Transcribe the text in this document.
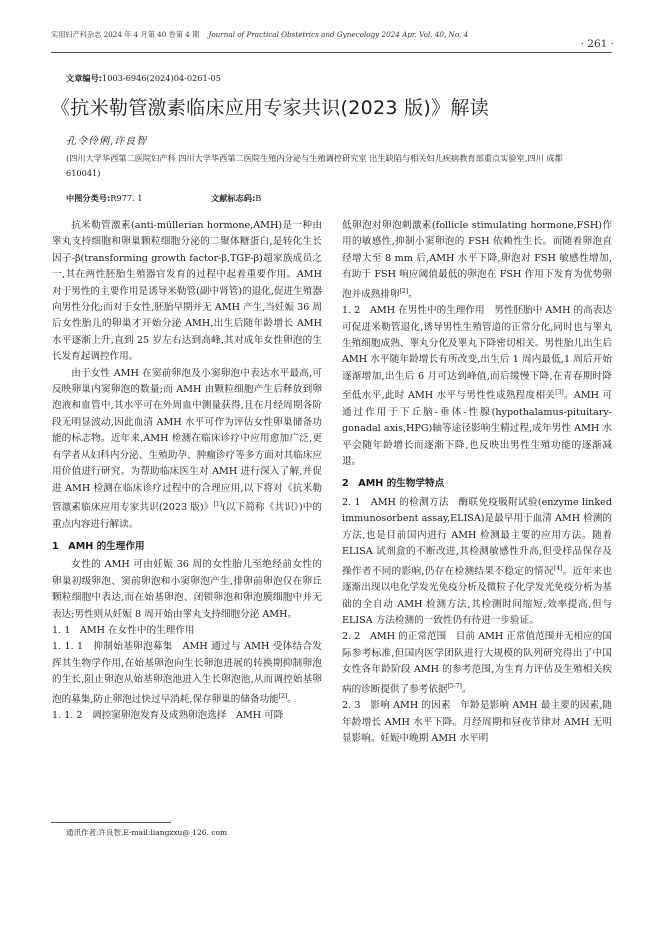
实用妇产科杂志 2024 年 4 月第 40 卷第 4 期 Journal of Practical Obstetrics and Gynecology 2024 Apr. Vol. 40, No. 4
· 261 ·
文章编号:1003-6946(2024)04-0261-05
《抗米勒管激素临床应用专家共识(2023 版)》解读
孔令伶俐,许良智
(四川大学华西第二医院妇产科 四川大学华西第二医院生殖内分泌与生殖调控研究室 出生缺陷与相关妇儿疾病教育部重点实验室,四川 成都 610041)
中图分类号:R977. 1	文献标志码:B

抗米勒管激素(anti-müllerian hormone,AMH)是一种由睾丸支持细胞和卵巢颗粒细胞分泌的二聚体糖蛋白,是转化生长因子-β(transforming growth factor-β,TGF-β)超家族成员之一,其在两性胚胎生殖器官发育的过程中起着重要作用。AMH 对于男性的主要作用是诱导米勒管(副中肾管)的退化,促进生殖器向男性分化;而对于女性,胚胎早期并无 AMH 产生,当妊娠 36 周后女性胎儿的卵巢才开始分泌 AMH,出生后随年龄增长 AMH 水平逐渐上升,直到 25 岁左右达到高峰,其对成年女性卵泡的生长发育起调控作用。

由于女性 AMH 在窦前卵泡及小窦卵泡中表达水平最高,可反映卵巢内窦卵泡的数量;而 AMH 由颗粒细胞产生后释放到卵泡液和血管中,其水平可在外周血中测量获得,且在月经周期各阶段无明显波动,因此血清 AMH 水平可作为评估女性卵巢储备功能的标志物。近年来,AMH 检测在临床诊疗中应用愈加广泛,更有学者从妇科内分泌、生殖助孕、肿瘤诊疗等多方面对其临床应用价值进行研究。为帮助临床医生对 AMH 进行深入了解,并促进 AMH 检测在临床诊疗过程中的合理应用,以下将对《抗米勒管激素临床应用专家共识(2023 版)》[1](以下简称《共识》)中的重点内容进行解读。

1　AMH 的生理作用

女性的 AMH 可由妊娠 36 周的女性胎儿至绝经前女性的卵巢初级卵泡、窦前卵泡和小窦卵泡产生,排卵前卵泡仅在卵丘颗粒细胞中表达,而在始基卵泡、闭锁卵泡和卵泡膜细胞中并无表达;男性则从妊娠 8 周开始由睾丸支持细胞分泌 AMH。

1. 1　AMH 在女性中的生理作用

1. 1. 1　抑制始基卵泡募集　AMH 通过与 AMH 受体结合发挥其生物学作用,在始基卵泡向生长卵泡进展的转换期抑制卵泡的生长,阻止卵泡从始基卵泡池进入生长卵泡池,从而调控始基卵泡的募集,防止卵泡过快过早消耗,保存卵巢的储备功能[2]。

1. 1. 2　调控窦卵泡发育及成熟卵泡选择　AMH 可降

低卵泡对卵泡刺激素(follicle stimulating hormone,FSH)作用的敏感性,抑制小窦卵泡的 FSH 依赖性生长。而随着卵泡直径增大至 8 mm 后,AMH 水平下降,卵泡对 FSH 敏感性增加,有助于 FSH 响应阈值最低的卵泡在 FSH 作用下发育为优势卵泡并成熟排卵[2]。

1. 2　AMH 在男性中的生理作用　男性胚胎中 AMH 的高表达可促进米勒管退化,诱导男性生殖管道的正常分化,同时也与睾丸生殖细胞成熟、睾丸分化及睾丸下降密切相关。男性胎儿出生后 AMH 水平随年龄增长有所改变,出生后 1 周内最低,1 周后开始逐渐增加,出生后 6 月可达到峰值,而后缓慢下降,在青春期时降至低水平,此时 AMH 水平与男性性成熟程度相关[3]。AMH 可通过作用于下丘脑-垂体-性腺(hypothalamus-pituitary-gonadal axis,HPG)轴等途径影响生精过程,成年男性 AMH 水平会随年龄增长而逐渐下降,也反映出男性生殖功能的逐渐减退。

2　AMH 的生物学特点

2. 1　AMH 的检测方法　酶联免疫吸附试验(enzyme linked immunosorbent assay,ELISA)是最早用于血清 AMH 检测的方法,也是目前国内进行 AMH 检测最主要的应用方法。随着 ELISA 试剂盒的不断改进,其检测敏感性升高,但受样品保存及操作者不同的影响,仍存在检测结果不稳定的情况[4]。近年来也逐渐出现以电化学发光免疫分析及微粒子化学发光免疫分析为基础的全自动 AMH 检测方法,其检测时间缩短,效率提高,但与 ELISA 方法检测的一致性仍有待进一步验证。

2. 2　AMH 的正常范围　目前 AMH 正常值范围并无相应的国际参考标准,但国内医学团队进行大规模的队列研究得出了中国女性各年龄阶段 AMH 的参考范围,为生育力评估及生殖相关疾病的诊断提供了参考依据[5-7]。

2. 3　影响 AMH 的因素　年龄是影响 AMH 最主要的因素,随年龄增长 AMH 水平下降。月经周期和昼夜节律对 AMH 无明显影响。妊娠中晚期 AMH 水平明

通讯作者:许良智,E-mail:liangzxu@ 126. com
